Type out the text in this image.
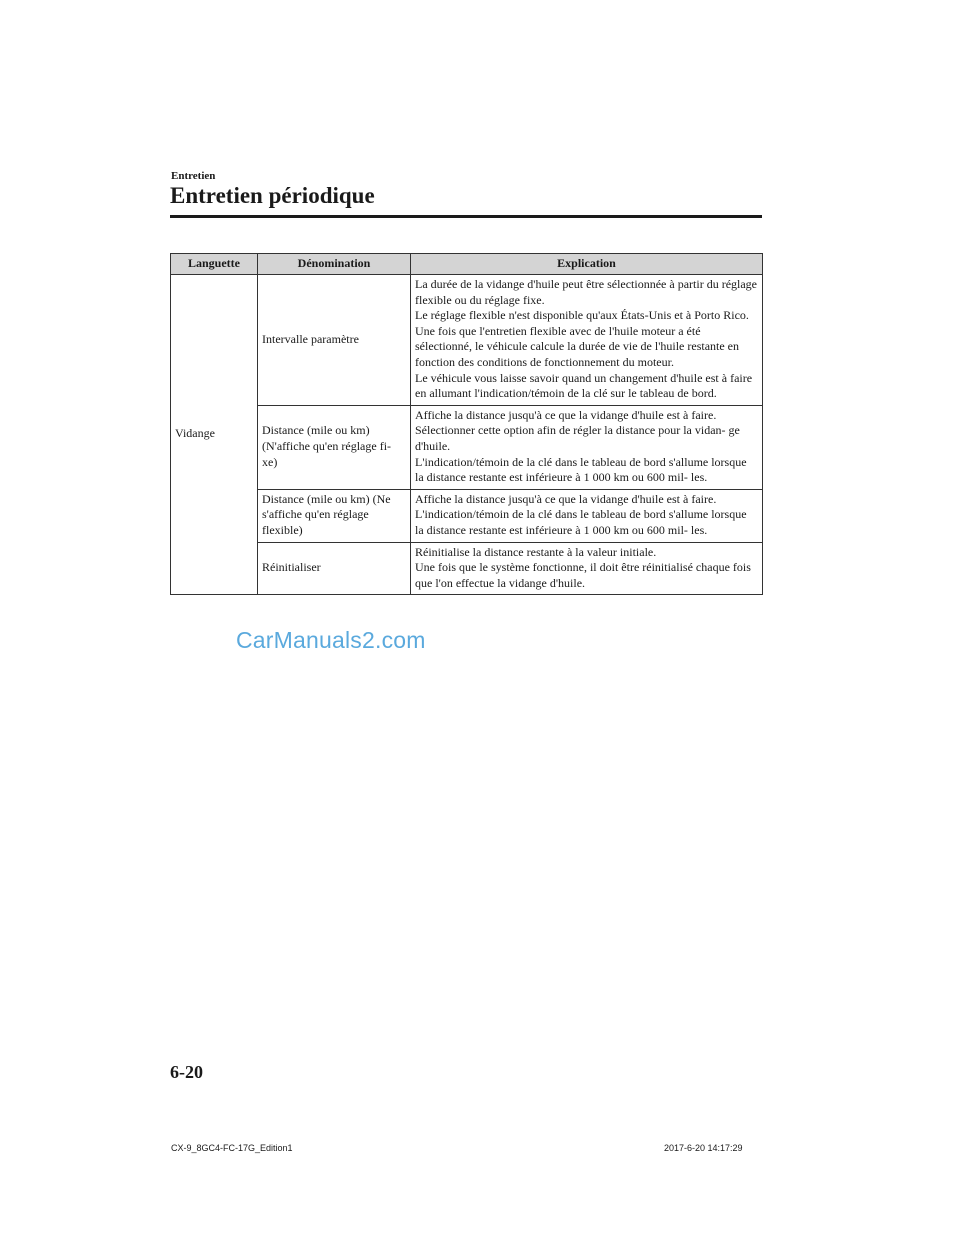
Entretien
Entretien périodique
Languette	Dénomination	Explication
Vidange	Intervalle paramètre	La durée de la vidange d'huile peut être sélectionnée à partir du réglage flexible ou du réglage fixe.

Le réglage flexible n'est disponible qu'aux États-Unis et à Porto Rico. Une fois que l'entretien flexible avec de l'huile moteur a été sélectionné, le véhicule calcule la durée de vie de l'huile restante en fonction des conditions de fonctionnement du moteur.

Le véhicule vous laisse savoir quand un changement d'huile est à faire en allumant l'indication/témoin de la clé sur le tableau de bord.

	Distance (mile ou km) (N'affiche qu'en réglage fi- xe)	Affiche la distance jusqu'à ce que la vidange d'huile est à faire.

Sélectionner cette option afin de régler la distance pour la vidan- ge d'huile.

L'indication/témoin de la clé dans le tableau de bord s'allume lorsque la distance restante est inférieure à 1 000 km ou 600 mil- les.

	Distance (mile ou km) (Ne s'affiche qu'en réglage flexible)	Affiche la distance jusqu'à ce que la vidange d'huile est à faire.

L'indication/témoin de la clé dans le tableau de bord s'allume lorsque la distance restante est inférieure à 1 000 km ou 600 mil- les.

	Réinitialiser	Réinitialise la distance restante à la valeur initiale.

Une fois que le système fonctionne, il doit être réinitialisé chaque fois que l'on effectue la vidange d'huile.

CarManuals2.com
6-20
CX-9_8GC4-FC-17G_Edition1	2017-6-20 14:17:29
